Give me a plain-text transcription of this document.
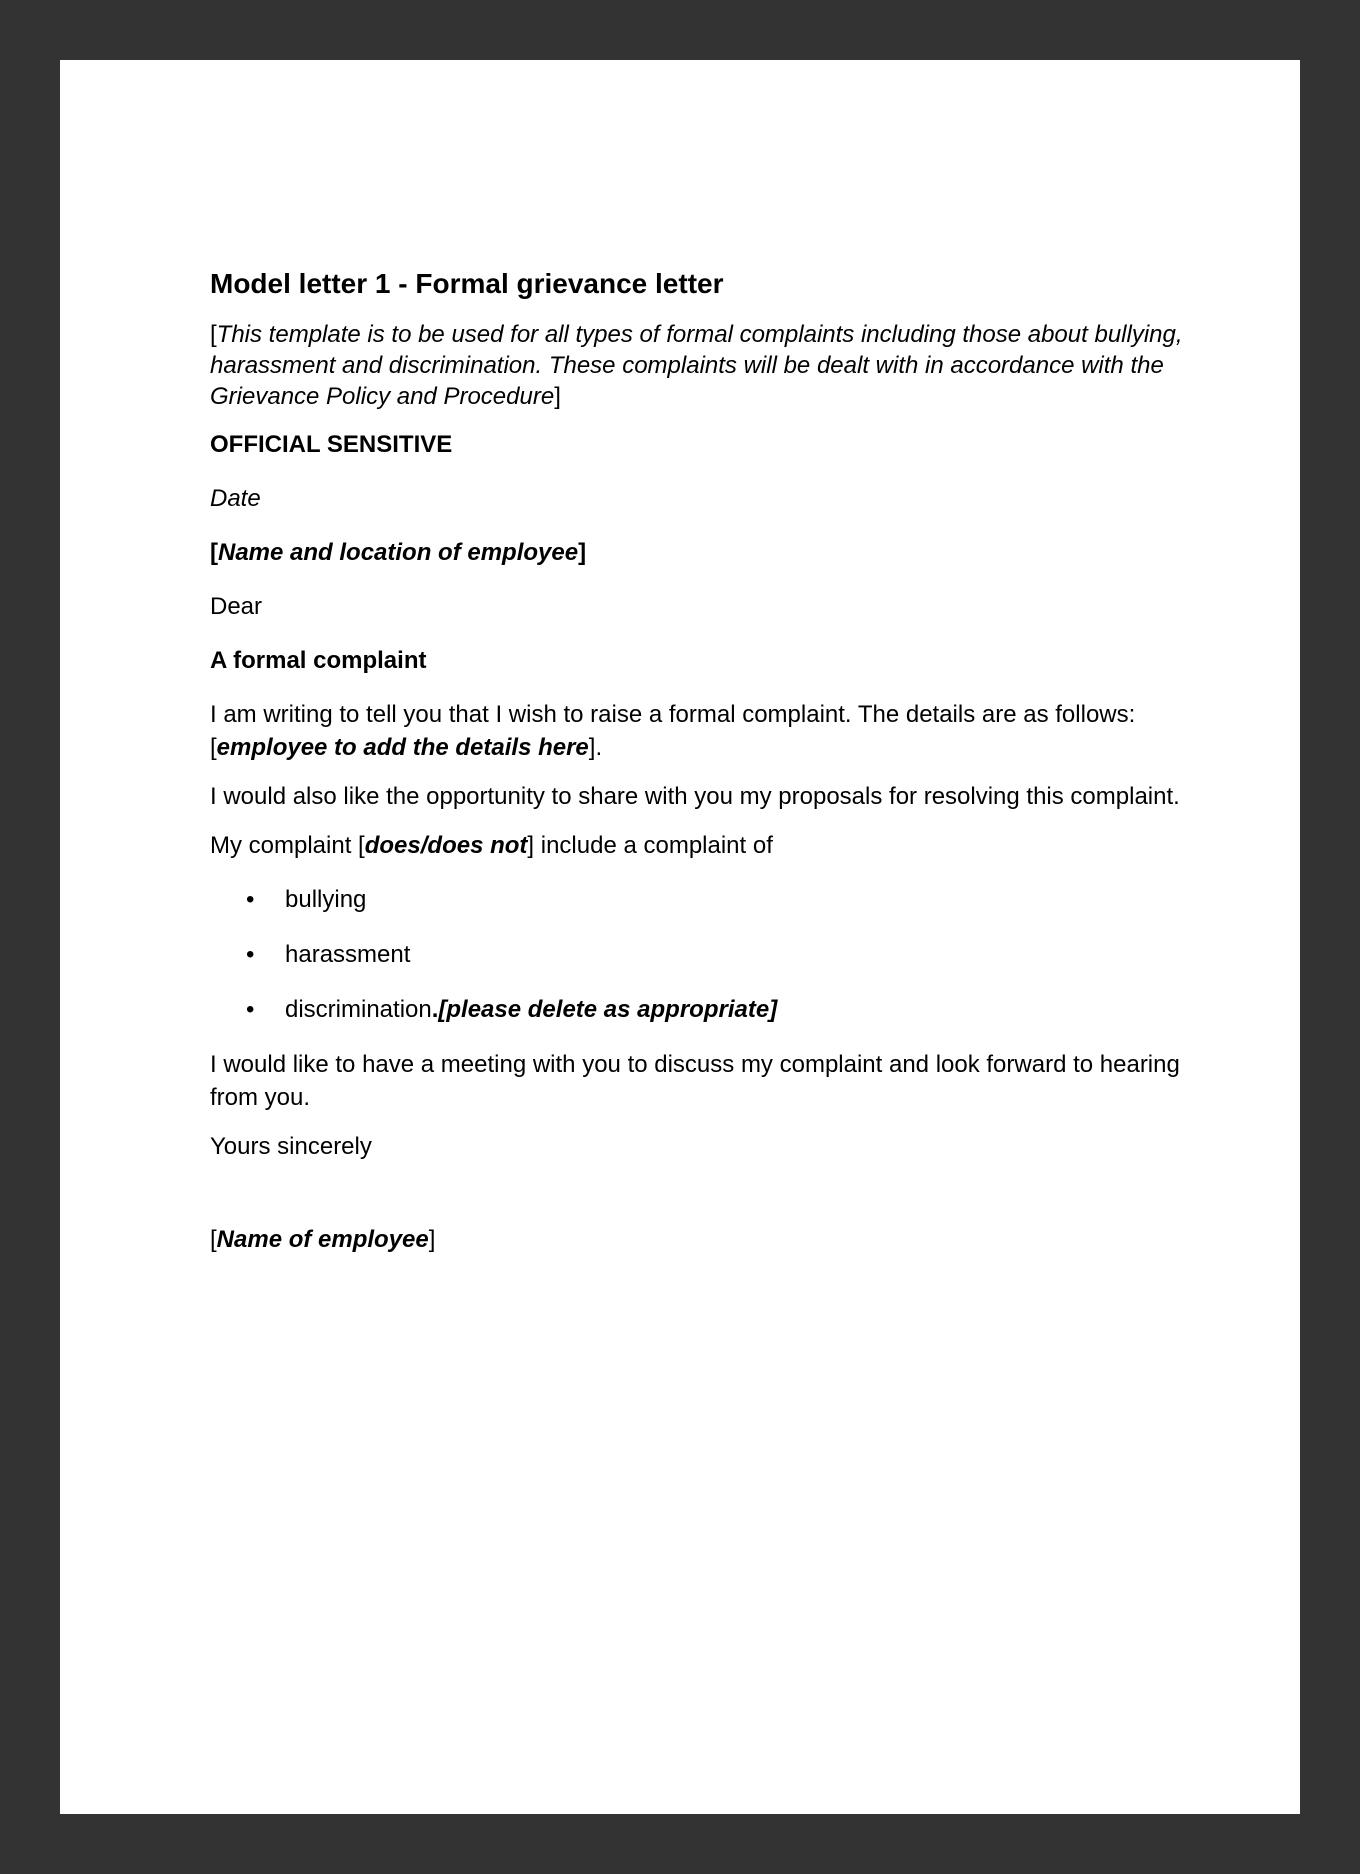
Model letter 1 - Formal grievance letter
[This template is to be used for all types of formal complaints including those about bullying, harassment and discrimination. These complaints will be dealt with in accordance with the Grievance Policy and Procedure]

OFFICIAL SENSITIVE

Date

[Name and location of employee]

Dear

A formal complaint

I am writing to tell you that I wish to raise a formal complaint. The details are as follows: [employee to add the details here].

I would also like the opportunity to share with you my proposals for resolving this complaint.

My complaint [does/does not] include a complaint of

• bullying
• harassment
• discrimination.[please delete as appropriate]

I would like to have a meeting with you to discuss my complaint and look forward to hearing from you.

Yours sincerely

[Name of employee]
